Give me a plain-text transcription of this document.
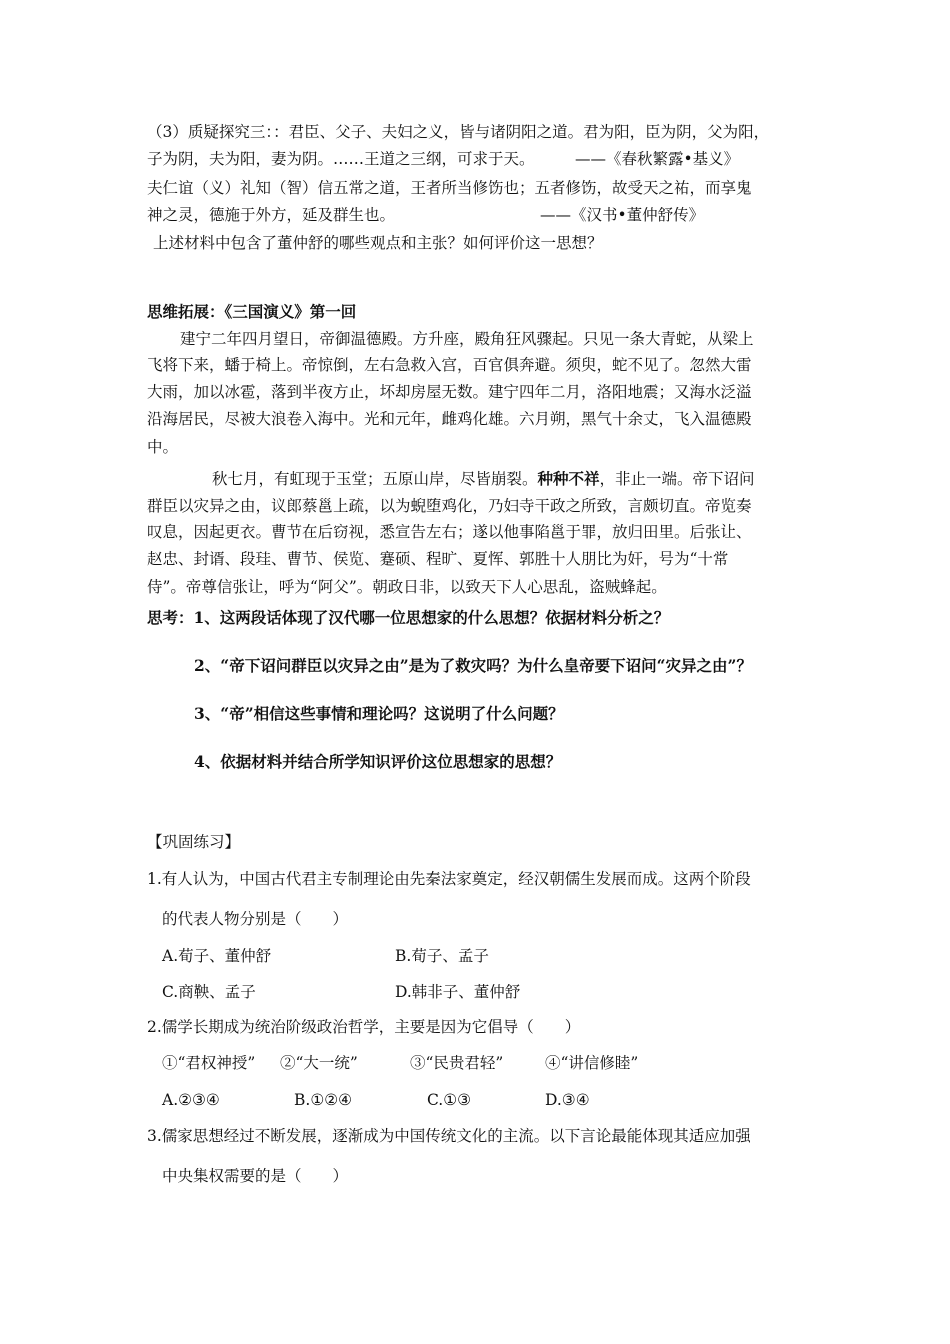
（3）质疑探究三：：君臣、父子、夫妇之义，皆与诸阴阳之道。君为阳，臣为阴，父为阳，
子为阴，夫为阳，妻为阴。……王道之三纲，可求于天。	——《春秋繁露•基义》
夫仁谊（义）礼知（智）信五常之道，王者所当修饬也；五者修饬，故受天之祐，而享鬼
神之灵，德施于外方，延及群生也。	——《汉书•董仲舒传》
上述材料中包含了董仲舒的哪些观点和主张？如何评价这一思想？
思维拓展：《三国演义》第一回
建宁二年四月望日，帝御温德殿。方升座，殿角狂风骤起。只见一条大青蛇，从梁上
飞将下来，蟠于椅上。帝惊倒，左右急救入宫，百官俱奔避。须臾，蛇不见了。忽然大雷
大雨，加以冰雹，落到半夜方止，坏却房屋无数。建宁四年二月，洛阳地震；又海水泛溢
沿海居民，尽被大浪卷入海中。光和元年，雌鸡化雄。六月朔，黑气十余丈，飞入温德殿
中。
秋七月，有虹现于玉堂；五原山岸，尽皆崩裂。种种不祥，非止一端。帝下诏问
群臣以灾异之由，议郎蔡邕上疏，以为蜺堕鸡化，乃妇寺干政之所致，言颇切直。帝览奏
叹息，因起更衣。曹节在后窃视，悉宣告左右；遂以他事陷邕于罪，放归田里。后张让、
赵忠、封谞、段珪、曹节、侯览、蹇硕、程旷、夏恽、郭胜十人朋比为奸，号为“十常
侍”。帝尊信张让，呼为“阿父”。朝政日非，以致天下人心思乱，盗贼蜂起。
思考：1、这两段话体现了汉代哪一位思想家的什么思想？依据材料分析之？
2、“帝下诏问群臣以灾异之由”是为了救灾吗？为什么皇帝要下诏问“灾异之由”？
3、“帝”相信这些事情和理论吗？这说明了什么问题？
4、依据材料并结合所学知识评价这位思想家的思想？
【巩固练习】
1.有人认为，中国古代君主专制理论由先秦法家奠定，经汉朝儒生发展而成。这两个阶段
的代表人物分别是（　　）
A.荀子、董仲舒	B.荀子、孟子
C.商鞅、孟子	D.韩非子、董仲舒
2.儒学长期成为统治阶级政治哲学，主要是因为它倡导（　　）
①“君权神授” ②“大一统”	③“民贵君轻”	④“讲信修睦”
A.②③④	B.①②④	C.①③	D.③④
3.儒家思想经过不断发展，逐渐成为中国传统文化的主流。以下言论最能体现其适应加强
中央集权需要的是（　　）
